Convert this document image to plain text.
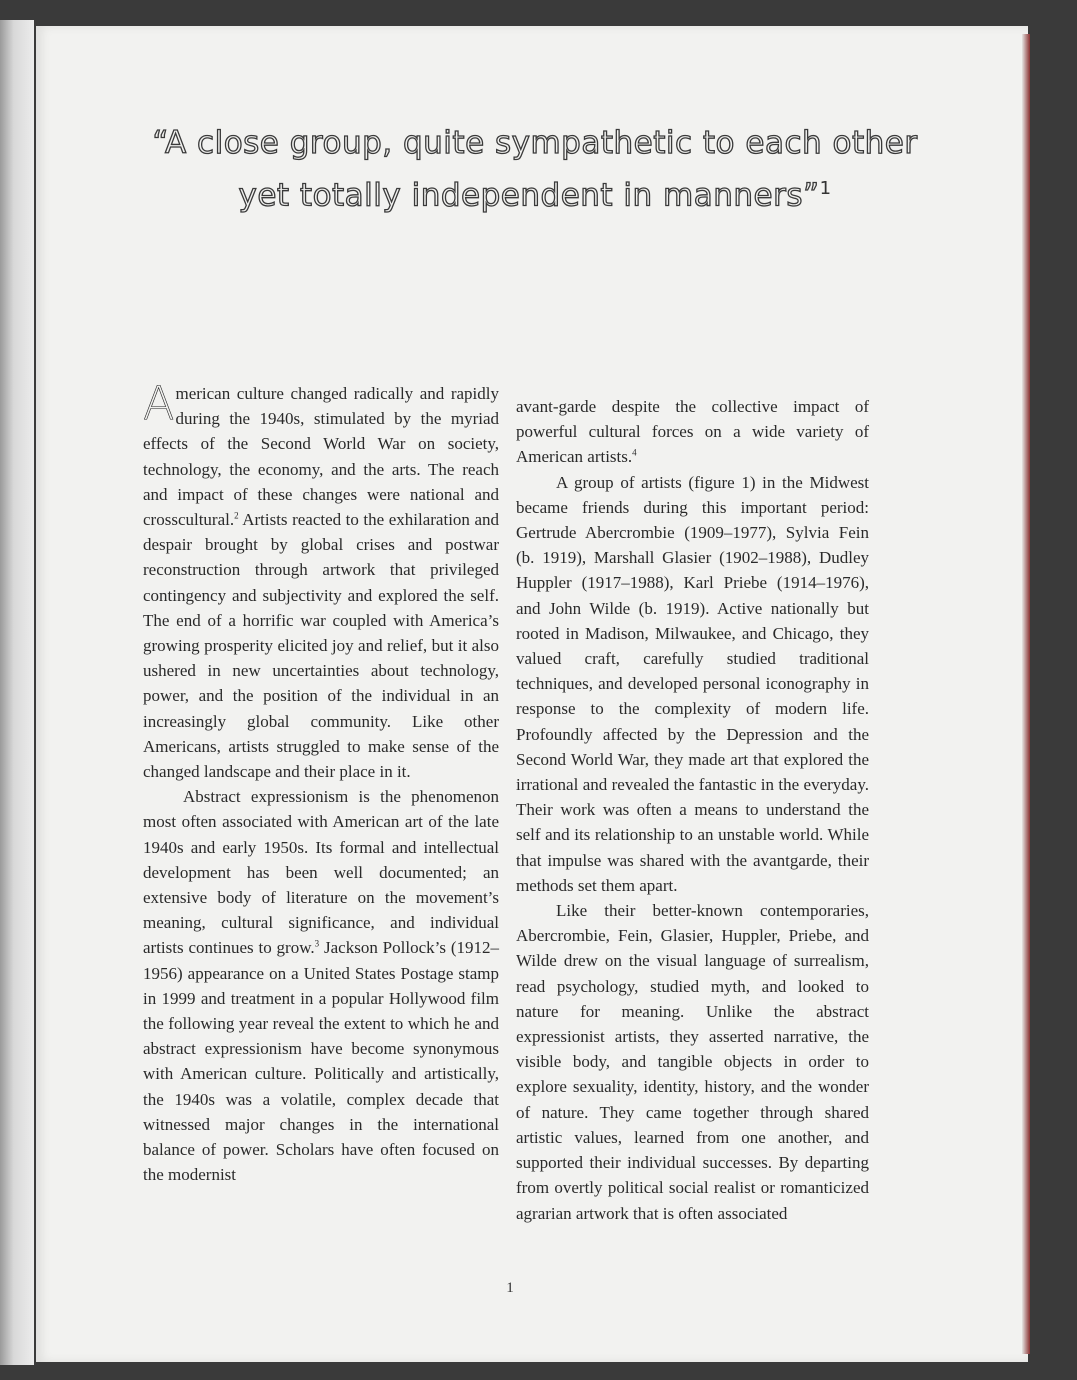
“A close group, quite sympathetic to each other
yet totally independent in manners”$^1$

American culture changed radically and rapidly during the 1940s, stimulated by the myriad effects of the Second World War on society, technology, the economy, and the arts. The reach and impact of these changes were national and crosscultural.$^2$ Artists reacted to the exhilaration and despair brought by global crises and postwar reconstruction through artwork that privileged contingency and subjectivity and explored the self. The end of a horrific war coupled with America’s growing prosperity elicited joy and relief, but it also ushered in new uncertainties about technology, power, and the position of the individual in an increasingly global community. Like other Americans, artists struggled to make sense of the changed landscape and their place in it.

Abstract expressionism is the phenomenon most often associated with American art of the late 1940s and early 1950s. Its formal and intellectual development has been well documented; an extensive body of literature on the movement’s meaning, cultural significance, and individual artists continues to grow.$^3$ Jackson Pollock’s (1912–1956) appearance on a United States Postage stamp in 1999 and treatment in a popular Hollywood film the following year reveal the extent to which he and abstract expressionism have become synonymous with American culture. Politically and artistically, the 1940s was a volatile, complex decade that witnessed major changes in the international balance of power. Scholars have often focused on the modernist

avant-garde despite the collective impact of powerful cultural forces on a wide variety of American artists.$^4$

A group of artists (figure 1) in the Midwest became friends during this important period: Gertrude Abercrombie (1909–1977), Sylvia Fein (b. 1919), Marshall Glasier (1902–1988), Dudley Huppler (1917–1988), Karl Priebe (1914–1976), and John Wilde (b. 1919). Active nationally but rooted in Madison, Milwaukee, and Chicago, they valued craft, carefully studied traditional techniques, and developed personal iconography in response to the complexity of modern life. Profoundly affected by the Depression and the Second World War, they made art that explored the irrational and revealed the fantastic in the everyday. Their work was often a means to understand the self and its relationship to an unstable world. While that impulse was shared with the avantgarde, their methods set them apart.

Like their better-known contemporaries, Abercrombie, Fein, Glasier, Huppler, Priebe, and Wilde drew on the visual language of surrealism, read psychology, studied myth, and looked to nature for meaning. Unlike the abstract expressionist artists, they asserted narrative, the visible body, and tangible objects in order to explore sexuality, identity, history, and the wonder of nature. They came together through shared artistic values, learned from one another, and supported their individual successes. By departing from overtly political social realist or romanticized agrarian artwork that is often associated

1
